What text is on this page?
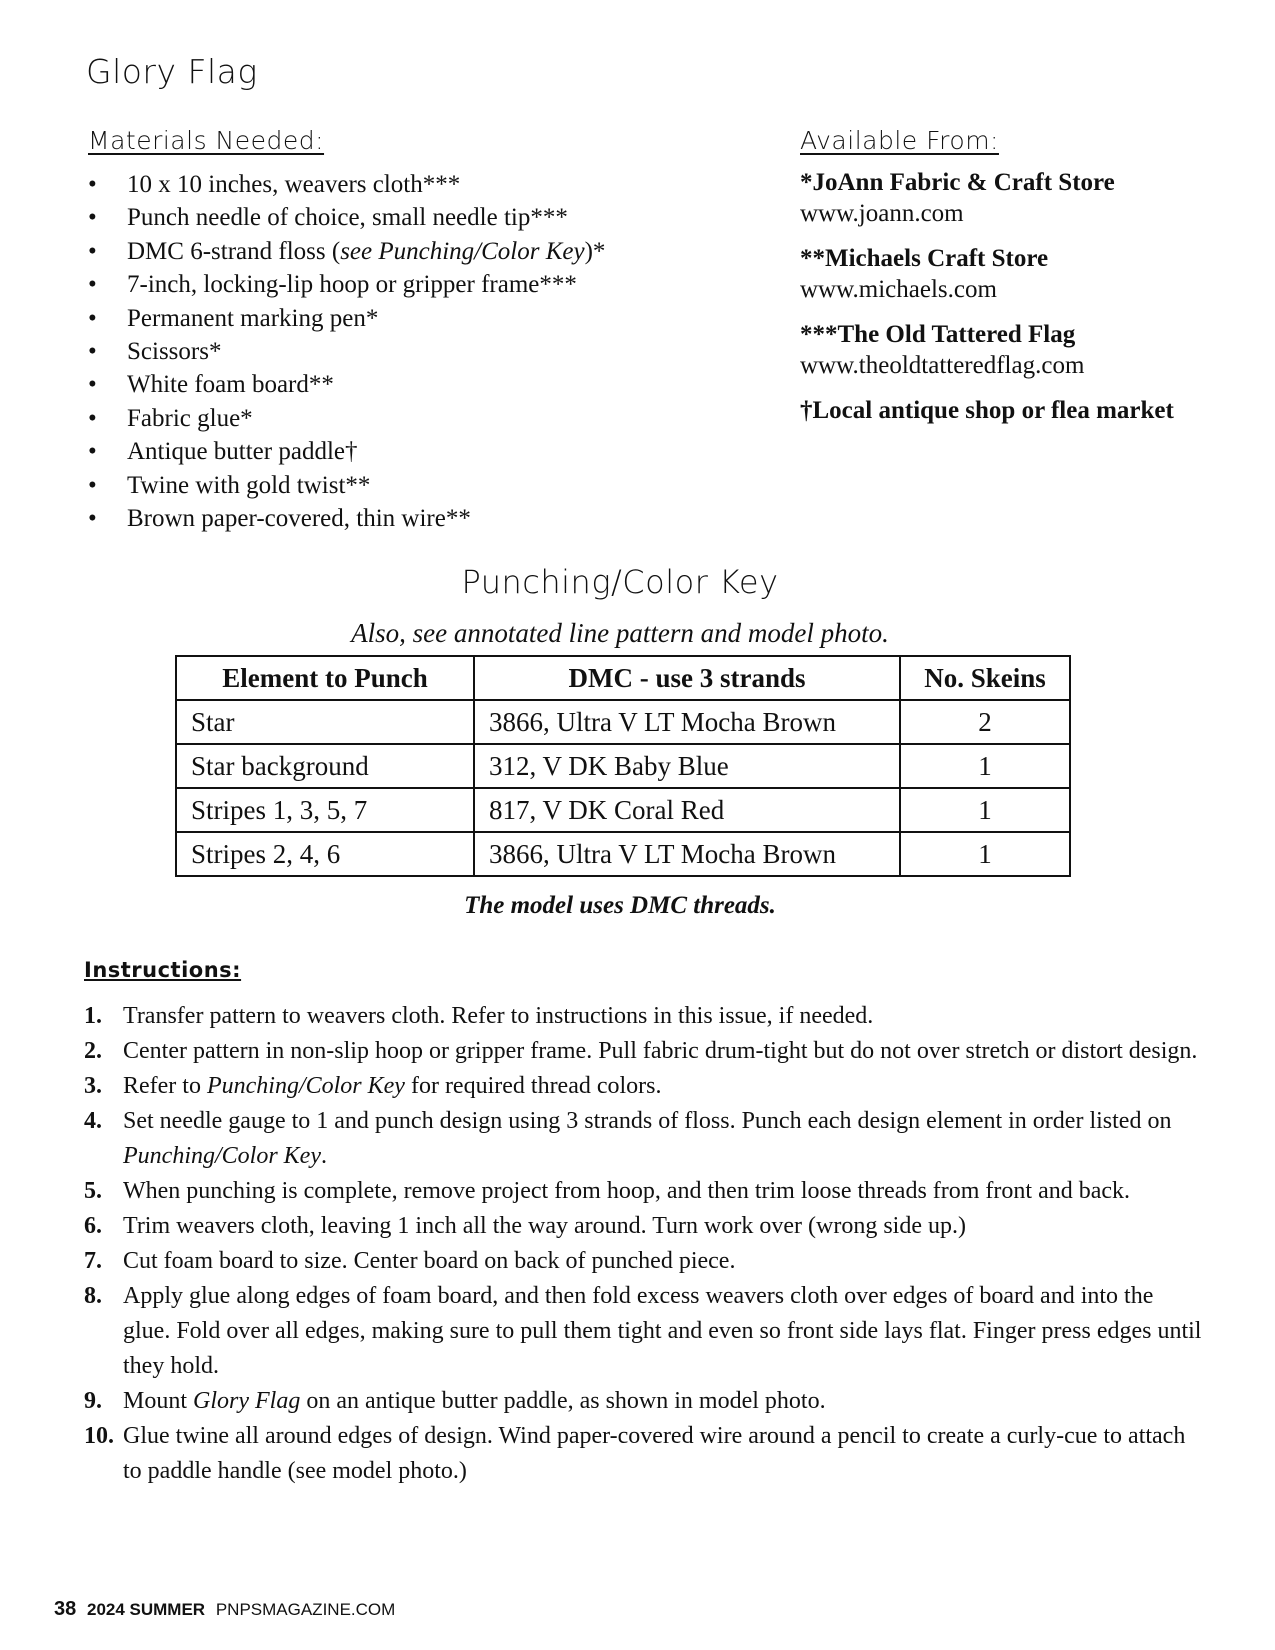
Glory Flag
Materials Needed:
• 10 x 10 inches, weavers cloth***
• Punch needle of choice, small needle tip***
• DMC 6-strand floss (see Punching/Color Key)*
• 7-inch, locking-lip hoop or gripper frame***
• Permanent marking pen*
• Scissors*
• White foam board**
• Fabric glue*
• Antique butter paddle†
• Twine with gold twist**
• Brown paper-covered, thin wire**
Available From:
*JoAnn Fabric & Craft Store
www.joann.com
**Michaels Craft Store
www.michaels.com
***The Old Tattered Flag
www.theoldtatteredflag.com
†Local antique shop or flea market
Punching/Color Key
Also, see annotated line pattern and model photo.
Element to Punch	DMC - use 3 strands	No. Skeins
Star	3866, Ultra V LT Mocha Brown	2
Star background	312, V DK Baby Blue	1
Stripes 1, 3, 5, 7	817, V DK Coral Red	1
Stripes 2, 4, 6	3866, Ultra V LT Mocha Brown	1
The model uses DMC threads.
Instructions:
1. Transfer pattern to weavers cloth. Refer to instructions in this issue, if needed.
2. Center pattern in non-slip hoop or gripper frame. Pull fabric drum-tight but do not over stretch or distort design.
3. Refer to Punching/Color Key for required thread colors.
4. Set needle gauge to 1 and punch design using 3 strands of floss. Punch each design element in order listed on Punching/Color Key.
5. When punching is complete, remove project from hoop, and then trim loose threads from front and back.
6. Trim weavers cloth, leaving 1 inch all the way around. Turn work over (wrong side up.)
7. Cut foam board to size. Center board on back of punched piece.
8. Apply glue along edges of foam board, and then fold excess weavers cloth over edges of board and into the glue. Fold over all edges, making sure to pull them tight and even so front side lays flat. Finger press edges until they hold.
9. Mount Glory Flag on an antique butter paddle, as shown in model photo.
10. Glue twine all around edges of design. Wind paper-covered wire around a pencil to create a curly-cue to attach to paddle handle (see model photo.)
38 2024 SUMMER PNPSMAGAZINE.COM
